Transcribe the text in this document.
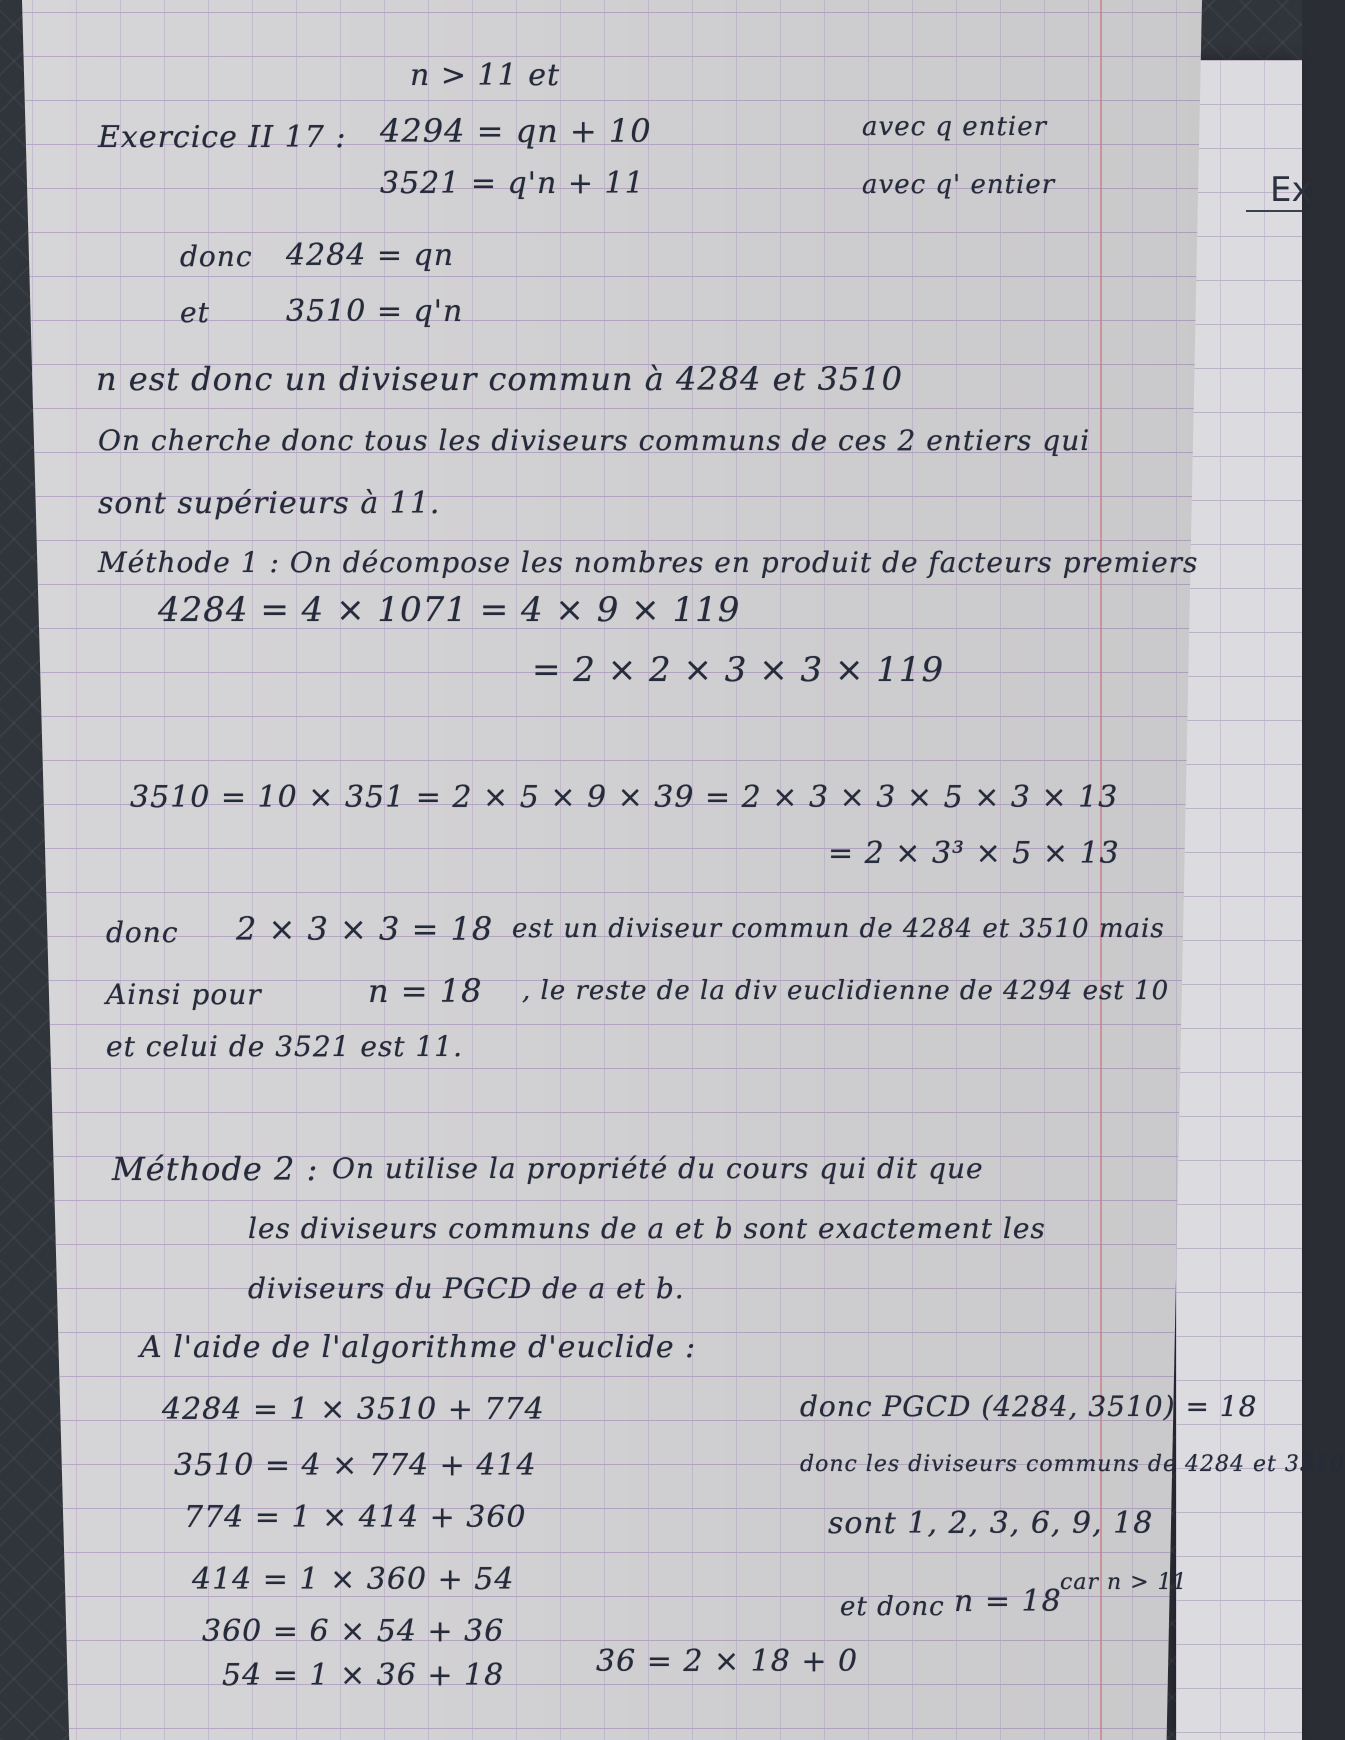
Ex
n > 11 et
Exercice II 17 : 4294 = qn + 10	avec q entier
3521 = q'n + 11	avec q' entier
donc 4284 = qn
et	3510 = q'n
n est donc un diviseur commun à 4284 et 3510
On cherche donc tous les diviseurs communs de ces 2 entiers qui
sont supérieurs à 11.
Méthode 1 : On décompose les nombres en produit de facteurs premiers
4284 = 4 × 1071 = 4 × 9 × 119
= 2 × 2 × 3 × 3 × 119
3510 = 10 × 351 = 2 × 5 × 9 × 39 = 2 × 3 × 3 × 5 × 3 × 13
= 2 × 3³ × 5 × 13
donc 2 × 3 × 3 = 18 est un diviseur commun de 4284 et 3510 mais
Ainsi pour	n = 18 , le reste de la div euclidienne de 4294 est 10
et celui de 3521 est 11.
Méthode 2 : On utilise la propriété du cours qui dit que
les diviseurs communs de a et b sont exactement les
diviseurs du PGCD de a et b.
A l'aide de l'algorithme d'euclide :
4284 = 1 × 3510 + 774
3510 = 4 × 774 + 414
774 = 1 × 414 + 360
414 = 1 × 360 + 54
360 = 6 × 54 + 36
54 = 1 × 36 + 18	36 = 2 × 18 + 0
donc PGCD (4284, 3510) = 18
donc les diviseurs communs de 4284 et 3510
sont 1, 2, 3, 6, 9, 18
et donc n = 18
car n > 11
